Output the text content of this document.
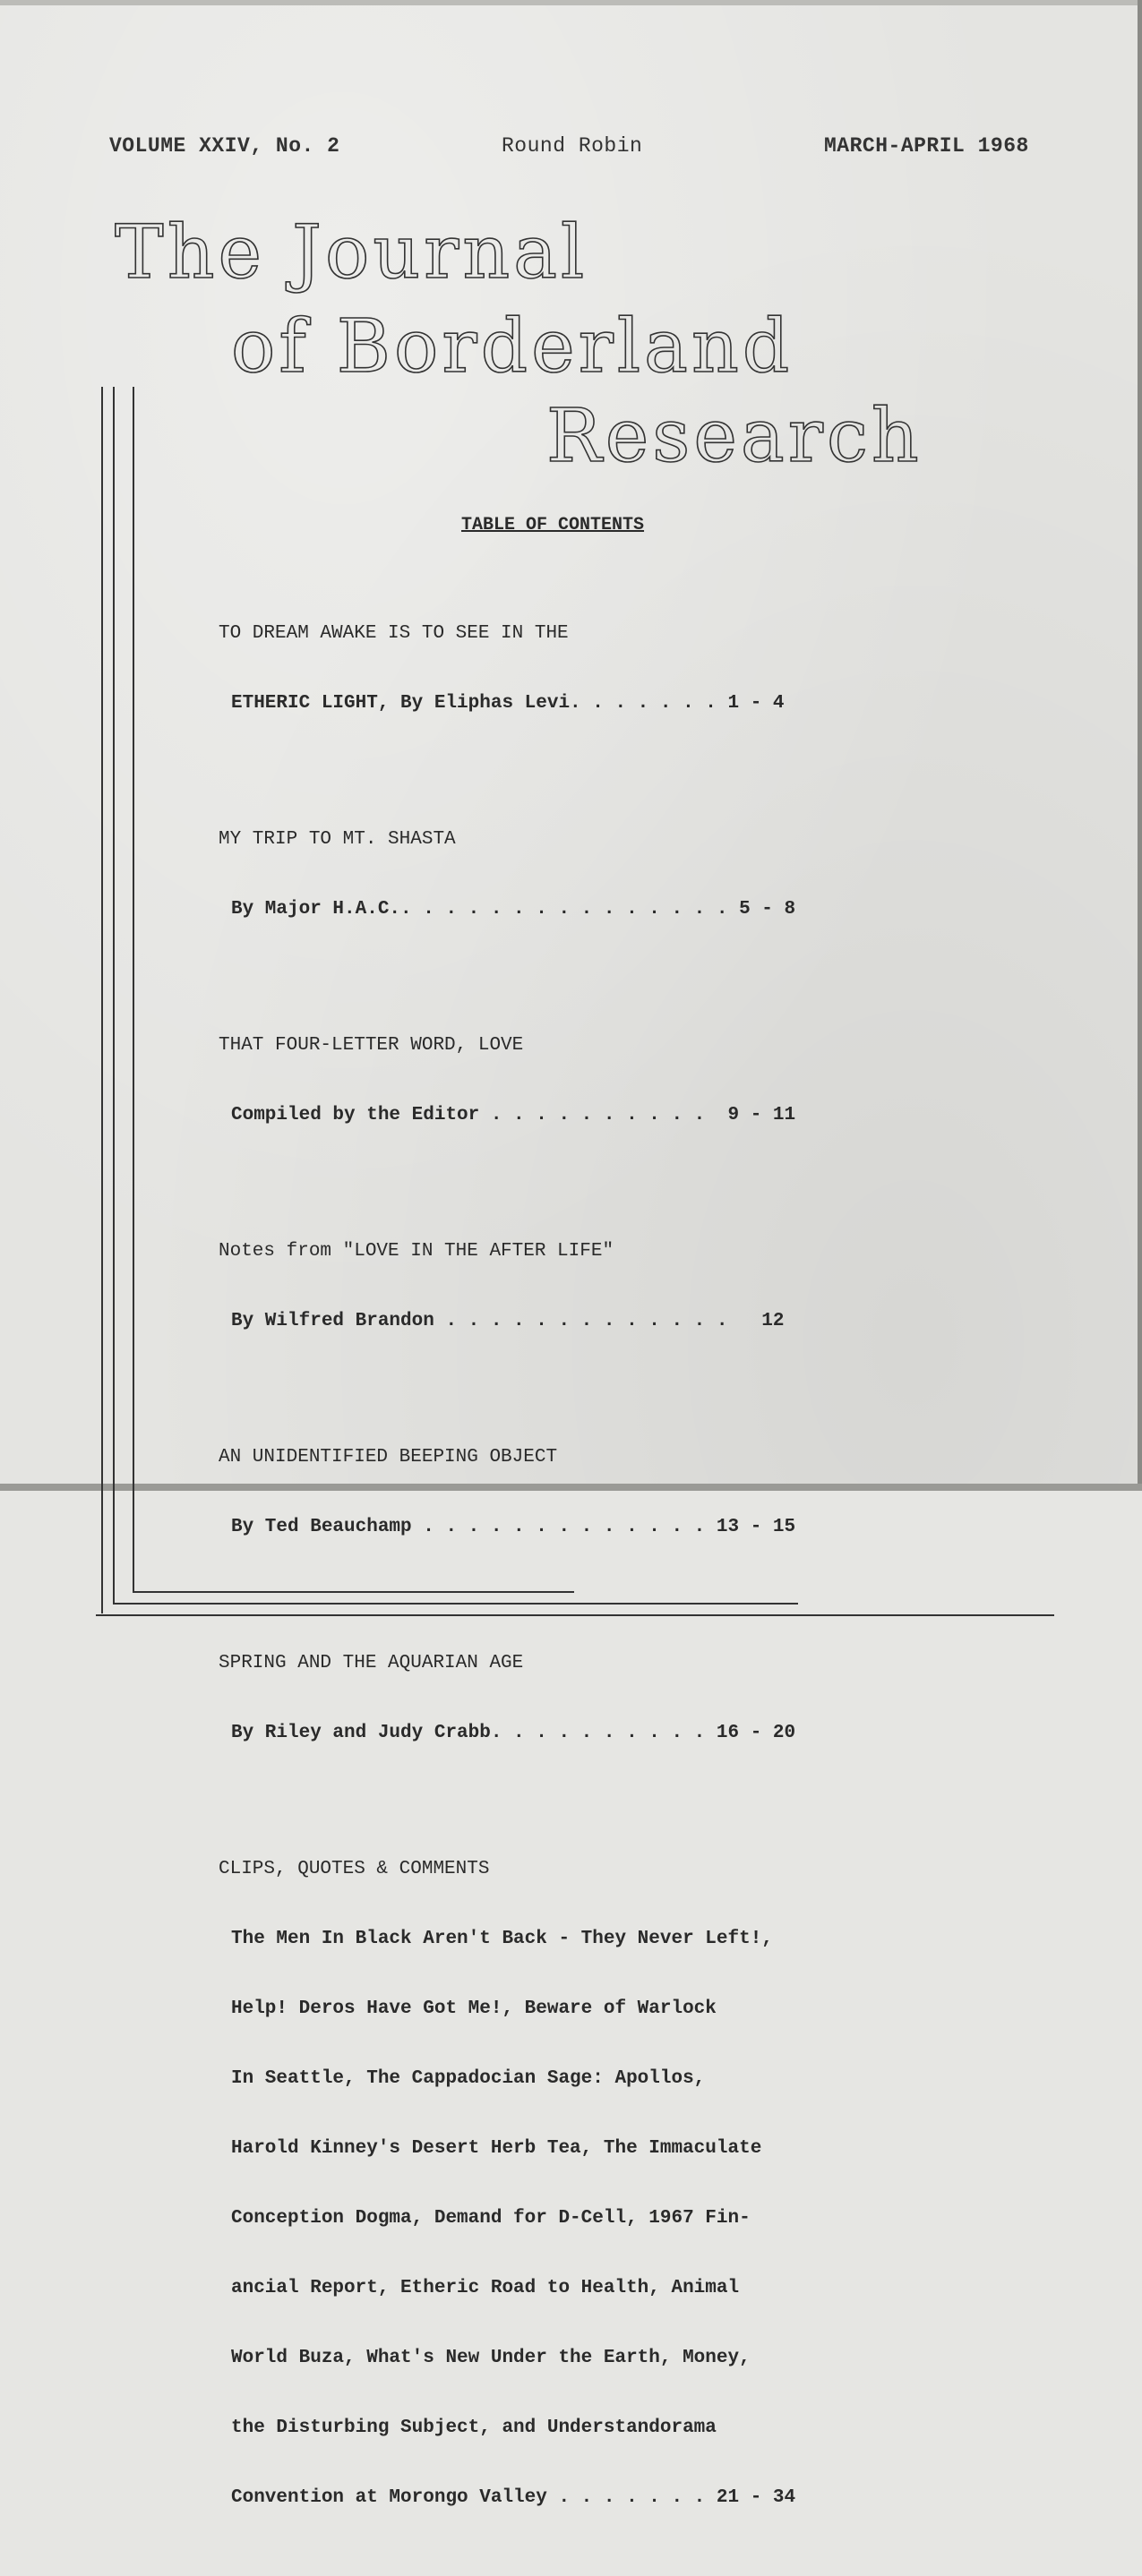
VOLUME XXIV, No. 2	Round Robin	MARCH-APRIL 1968
The Journal
of Borderland
Research
TABLE OF CONTENTS

TO DREAM AWAKE IS TO SEE IN THE

ETHERIC LIGHT, By Eliphas Levi. . . . . . . 1 - 4

MY TRIP TO MT. SHASTA

By Major H.A.C.. . . . . . . . . . . . . . . 5 - 8

THAT FOUR-LETTER WORD, LOVE

Compiled by the Editor . . . . . . . . . .  9 - 11

Notes from "LOVE IN THE AFTER LIFE"

By Wilfred Brandon . . . . . . . . . . . . .   12

AN UNIDENTIFIED BEEPING OBJECT

By Ted Beauchamp . . . . . . . . . . . . . 13 - 15

SPRING AND THE AQUARIAN AGE

By Riley and Judy Crabb. . . . . . . . . . 16 - 20

CLIPS, QUOTES & COMMENTS

The Men In Black Aren't Back - They Never Left!,

Help! Deros Have Got Me!, Beware of Warlock

In Seattle, The Cappadocian Sage: Apollos,

Harold Kinney's Desert Herb Tea, The Immaculate

Conception Dogma, Demand for D-Cell, 1967 Fin-

ancial Report, Etheric Road to Health, Animal

World Buza, What's New Under the Earth, Money,

the Disturbing Subject, and Understandorama

Convention at Morongo Valley . . . . . . . 21 - 34
